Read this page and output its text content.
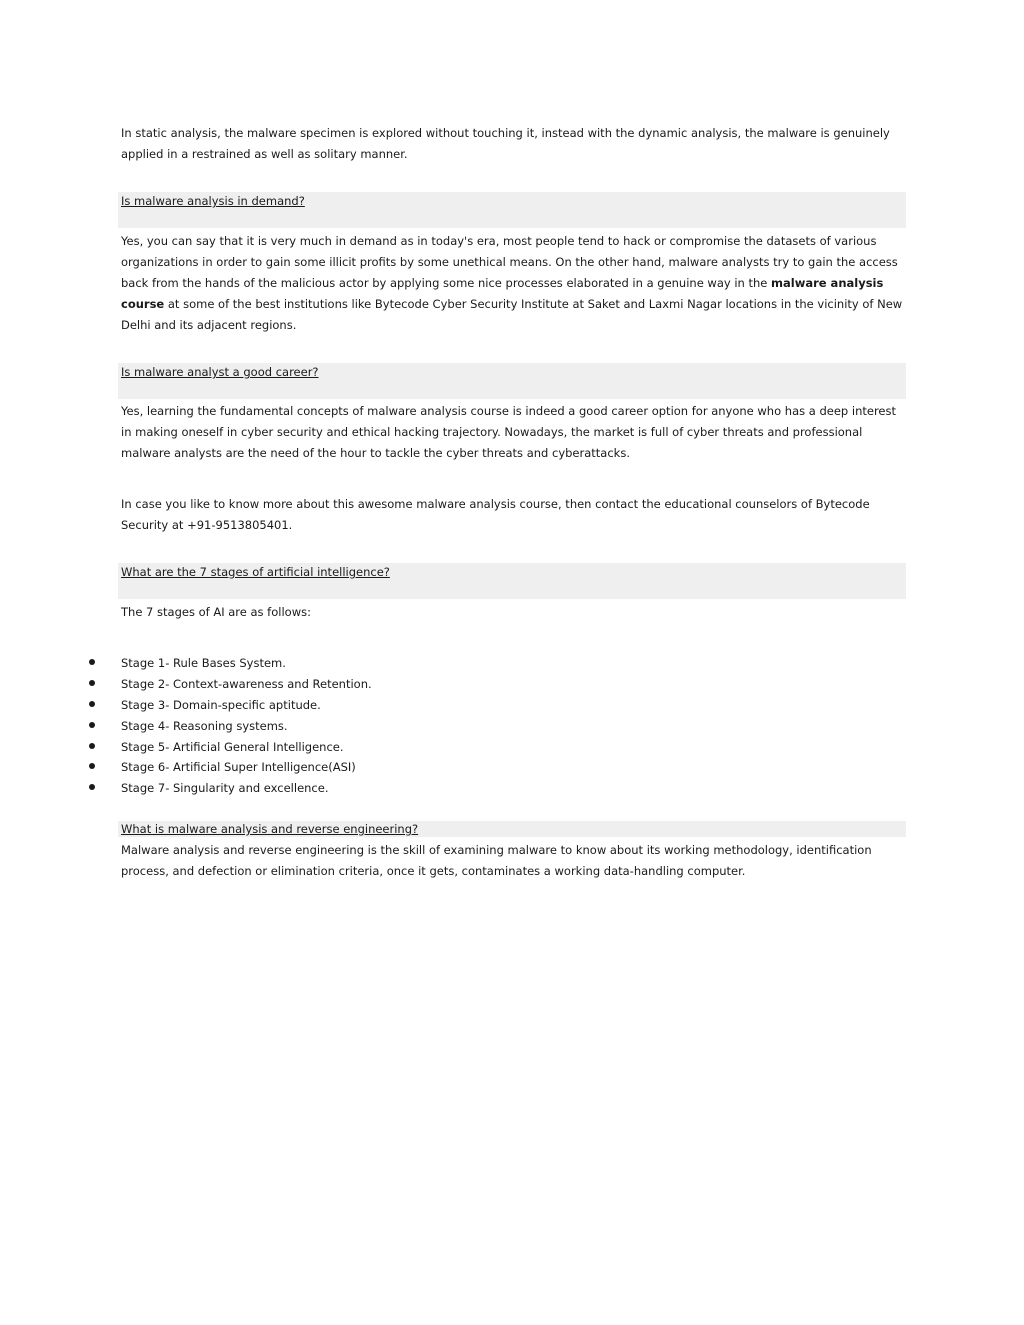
In static analysis, the malware specimen is explored without touching it, instead with the dynamic analysis, the malware is genuinely applied in a restrained as well as solitary manner.

Is malware analysis in demand?

Yes, you can say that it is very much in demand as in today's era, most people tend to hack or compromise the datasets of various organizations in order to gain some illicit profits by some unethical means. On the other hand, malware analysts try to gain the access back from the hands of the malicious actor by applying some nice processes elaborated in a genuine way in the malware analysis course at some of the best institutions like Bytecode Cyber Security Institute at Saket and Laxmi Nagar locations in the vicinity of New Delhi and its adjacent regions.

Is malware analyst a good career?

Yes, learning the fundamental concepts of malware analysis course is indeed a good career option for anyone who has a deep interest in making oneself in cyber security and ethical hacking trajectory. Nowadays, the market is full of cyber threats and professional malware analysts are the need of the hour to tackle the cyber threats and cyberattacks.

In case you like to know more about this awesome malware analysis course, then contact the educational counselors of Bytecode Security at +91-9513805401.

What are the 7 stages of artificial intelligence?

The 7 stages of AI are as follows:

Stage 1- Rule Bases System.
Stage 2- Context-awareness and Retention.
Stage 3- Domain-specific aptitude.
Stage 4- Reasoning systems.
Stage 5- Artificial General Intelligence.
Stage 6- Artificial Super Intelligence(ASI)
Stage 7- Singularity and excellence.
What is malware analysis and reverse engineering?

Malware analysis and reverse engineering is the skill of examining malware to know about its working methodology, identification process, and defection or elimination criteria, once it gets, contaminates a working data-handling computer.
